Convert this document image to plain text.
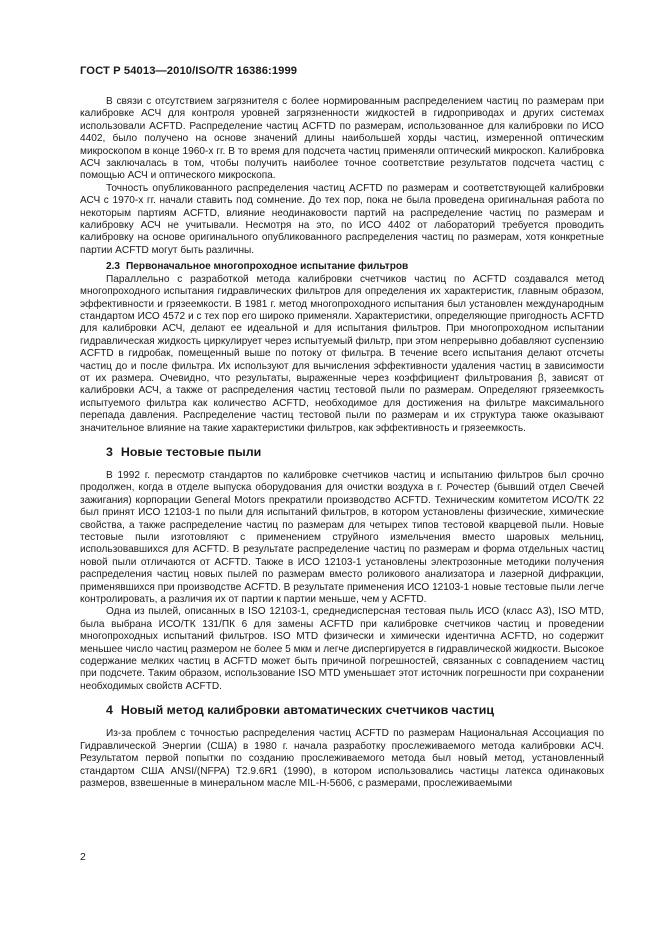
ГОСТ Р 54013—2010/ISO/TR 16386:1999

В связи с отсутствием загрязнителя с более нормированным распределением частиц по размерам при калибровке АСЧ для контроля уровней загрязненности жидкостей в гидроприводах и других системах использовали ACFTD. Распределение частиц ACFTD по размерам, использованное для калибровки по ИСО 4402, было получено на основе значений длины наибольшей хорды частиц, измеренной оптическим микроскопом в конце 1960-х гг. В то время для подсчета частиц применяли оптический микроскоп. Калибровка АСЧ заключалась в том, чтобы получить наиболее точное соответствие результатов подсчета частиц с помощью АСЧ и оптического микроскопа.

Точность опубликованного распределения частиц ACFTD по размерам и соответствующей калибровки АСЧ с 1970-х гг. начали ставить под сомнение. До тех пор, пока не была проведена оригинальная работа по некоторым партиям ACFTD, влияние неодинаковости партий на распределение частиц по размерам и калибровку АСЧ не учитывали. Несмотря на это, по ИСО 4402 от лабораторий требуется проводить калибровку на основе оригинального опубликованного распределения частиц по размерам, хотя конкретные партии ACFTD могут быть различны.

2.3 Первоначальное многопроходное испытание фильтров

Параллельно с разработкой метода калибровки счетчиков частиц по ACFTD создавался метод многопроходного испытания гидравлических фильтров для определения их характеристик, главным образом, эффективности и грязеемкости. В 1981 г. метод многопроходного испытания был установлен международным стандартом ИСО 4572 и с тех пор его широко применяли. Характеристики, определяющие пригодность ACFTD для калибровки АСЧ, делают ее идеальной и для испытания фильтров. При многопроходном испытании гидравлическая жидкость циркулирует через испытуемый фильтр, при этом непрерывно добавляют суспензию ACFTD в гидробак, помещенный выше по потоку от фильтра. В течение всего испытания делают отсчеты частиц до и после фильтра. Их используют для вычисления эффективности удаления частиц в зависимости от их размера. Очевидно, что результаты, выраженные через коэффициент фильтрования β, зависят от калибровки АСЧ, а также от распределения частиц тестовой пыли по размерам. Определяют грязеемкость испытуемого фильтра как количество ACFTD, необходимое для достижения на фильтре максимального перепада давления. Распределение частиц тестовой пыли по размерам и их структура также оказывают значительное влияние на такие характеристики фильтров, как эффективность и грязеемкость.

3 Новые тестовые пыли

В 1992 г. пересмотр стандартов по калибровке счетчиков частиц и испытанию фильтров был срочно продолжен, когда в отделе выпуска оборудования для очистки воздуха в г. Рочестер (бывший отдел Свечей зажигания) корпорации General Motors прекратили производство ACFTD. Техническим комитетом ИСО/ТК 22 был принят ИСО 12103-1 по пыли для испытаний фильтров, в котором установлены физические, химические свойства, а также распределение частиц по размерам для четырех типов тестовой кварцевой пыли. Новые тестовые пыли изготовляют с применением струйного измельчения вместо шаровых мельниц, использовавшихся для ACFTD. В результате распределение частиц по размерам и форма отдельных частиц новой пыли отличаются от ACFTD. Также в ИСО 12103-1 установлены электрозонные методики получения распределения частиц новых пылей по размерам вместо роликового анализатора и лазерной дифракции, применявшихся при производстве ACFTD. В результате применения ИСО 12103-1 новые тестовые пыли легче контролировать, а различия их от партии к партии меньше, чем у ACFTD.

Одна из пылей, описанных в ISO 12103-1, среднедисперсная тестовая пыль ИСО (класс А3), ISO MTD, была выбрана ИСО/ТК 131/ПК 6 для замены ACFTD при калибровке счетчиков частиц и проведении многопроходных испытаний фильтров. ISO MTD физически и химически идентична ACFTD, но содержит меньшее число частиц размером не более 5 мкм и легче диспергируется в гидравлической жидкости. Высокое содержание мелких частиц в ACFTD может быть причиной погрешностей, связанных с совпадением частиц при подсчете. Таким образом, использование ISO MTD уменьшает этот источник погрешности при сохранении необходимых свойств ACFTD.

4 Новый метод калибровки автоматических счетчиков частиц

Из-за проблем с точностью распределения частиц ACFTD по размерам Национальная Ассоциация по Гидравлической Энергии (США) в 1980 г. начала разработку прослеживаемого метода калибровки АСЧ. Результатом первой попытки по созданию прослеживаемого метода был новый метод, установленный стандартом США ANSI/(NFPA) T2.9.6R1 (1990), в котором использовались частицы латекса одинаковых размеров, взвешенные в минеральном масле MIL-H-5606, с размерами, прослеживаемыми

2
